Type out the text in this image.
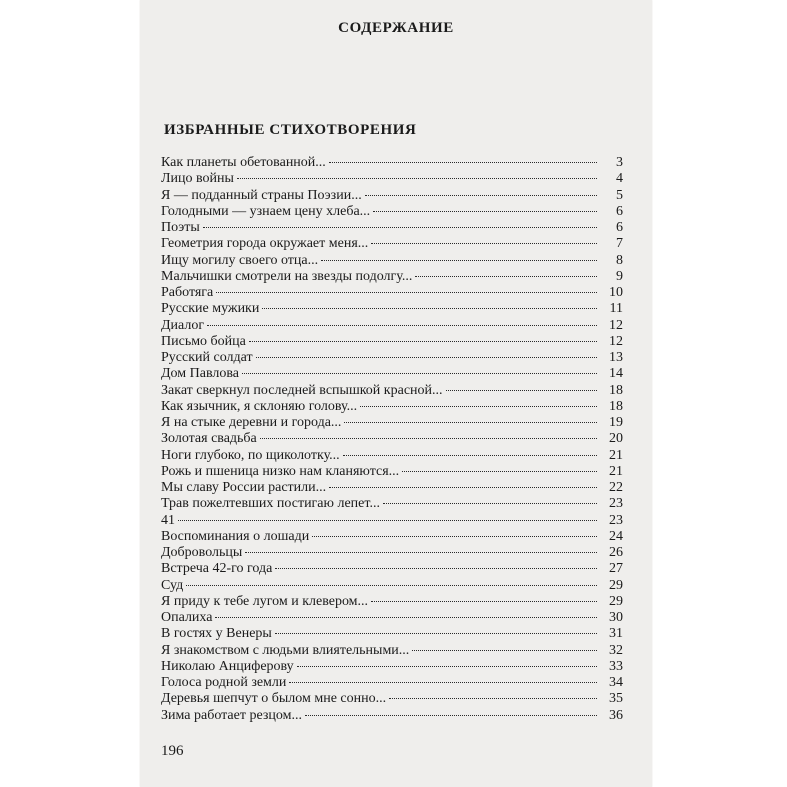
СОДЕРЖАНИЕ
ИЗБРАННЫЕ СТИХОТВОРЕНИЯ
Как планеты обетованной...	3
Лицо войны	4
Я — подданный страны Поэзии...	5
Голодными — узнаем цену хлеба...	6
Поэты	6
Геометрия города окружает меня...	7
Ищу могилу своего отца...	8
Мальчишки смотрели на звезды подолгу...	9
Работяга	10
Русские мужики	11
Диалог	12
Письмо бойца	12
Русский солдат	13
Дом Павлова	14
Закат сверкнул последней вспышкой красной...	18
Как язычник, я склоняю голову...	18
Я на стыке деревни и города...	19
Золотая свадьба	20
Ноги глубоко, по щиколотку...	21
Рожь и пшеница низко нам кланяются...	21
Мы славу России растили...	22
Трав пожелтевших постигаю лепет...	23
41	23
Воспоминания о лошади	24
Добровольцы	26
Встреча 42-го года	27
Суд	29
Я приду к тебе лугом и клевером...	29
Опалиха	30
В гостях у Венеры	31
Я знакомством с людьми влиятельными...	32
Николаю Анциферову	33
Голоса родной земли	34
Деревья шепчут о былом мне сонно...	35
Зима работает резцом...	36
196
